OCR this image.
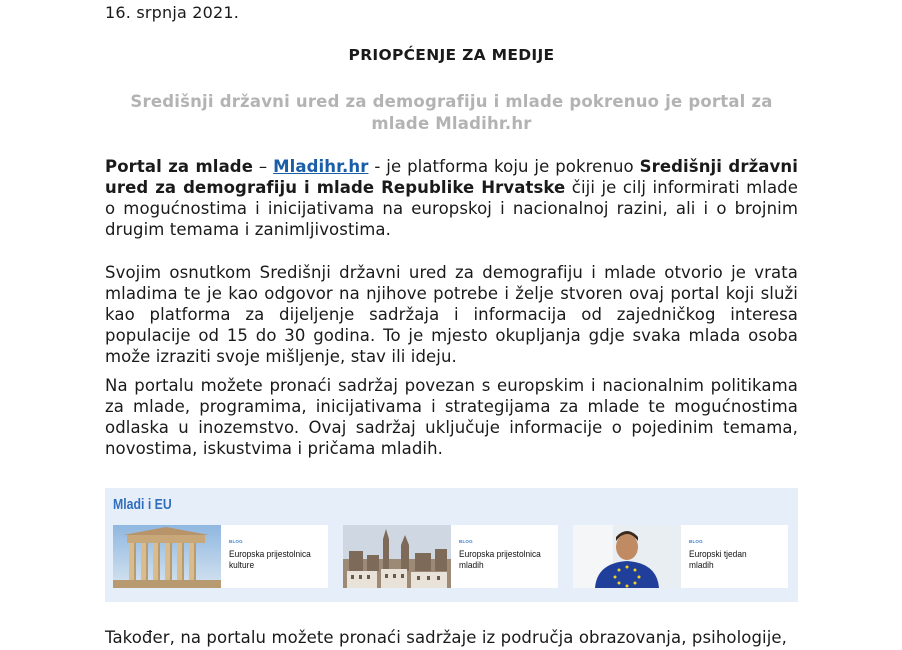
16. srpnja 2021.
PRIOPĆENJE ZA MEDIJE
Središnji državni ured za demografiju i mlade pokrenuo je portal za mlade Mladihr.hr

Portal za mlade – Mladihr.hr - je platforma koju je pokrenuo Središnji državni ured za demografiju i mlade Republike Hrvatske čiji je cilj informirati mlade o mogućnostima i inicijativama na europskoj i nacionalnoj razini, ali i o brojnim drugim temama i zanimljivostima.

Svojim osnutkom Središnji državni ured za demografiju i mlade otvorio je vrata mladima te je kao odgovor na njihove potrebe i želje stvoren ovaj portal koji služi kao platforma za dijeljenje sadržaja i informacija od zajedničkog interesa populacije od 15 do 30 godina. To je mjesto okupljanja gdje svaka mlada osoba može izraziti svoje mišljenje, stav ili ideju.

Na portalu možete pronaći sadržaj povezan s europskim i nacionalnim politikama za mlade, programima, inicijativama i strategijama za mlade te mogućnostima odlaska u inozemstvo. Ovaj sadržaj uključuje informacije o pojedinim temama, novostima, iskustvima i pričama mladih.

Mladi i EU
BLOG
Europska prijestolnica kulture
BLOG
Europska prijestolnica mladih
BLOG
Europski tjedan mladih

Također, na portalu možete pronaći sadržaje iz područja obrazovanja, psihologije,
